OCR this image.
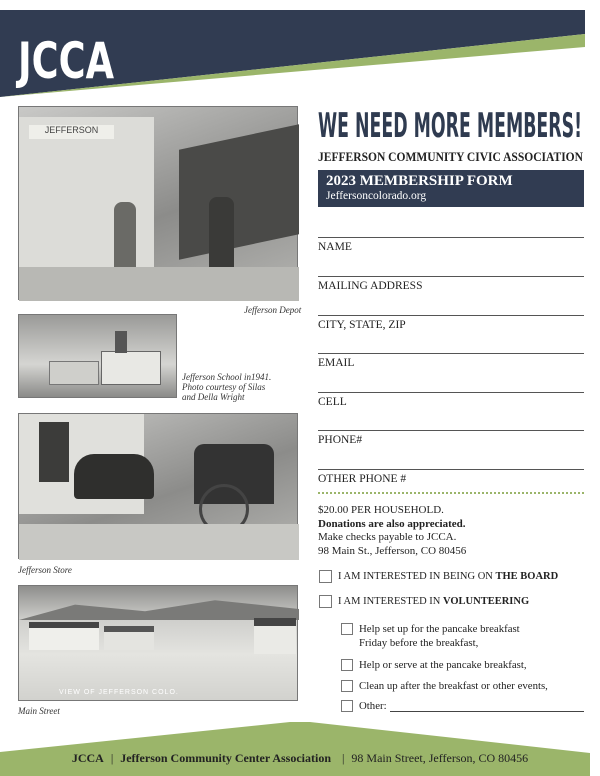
JCCA
JEFFERSON
Jefferson Depot
Jefferson School in1941.
Photo courtesy of Silas
and Della Wright
Jefferson Store
VIEW OF JEFFERSON COLO.
Main Street
WE NEED MORE MEMBERS!
JEFFERSON COMMUNITY CIVIC ASSOCIATION
2023 MEMBERSHIP FORM
Jeffersoncolorado.org
NAME
MAILING ADDRESS
CITY, STATE, ZIP
EMAIL
CELL
PHONE#
OTHER PHONE #
$20.00 PER HOUSEHOLD.
Donations are also appreciated.
Make checks payable to JCCA.
98 Main St., Jefferson, CO 80456
I AM INTERESTED IN BEING ON THE BOARD
I AM INTERESTED IN VOLUNTEERING
Help set up for the pancake breakfast
Friday before the breakfast,
Help or serve at the pancake breakfast,
Clean up after the breakfast or other events,
Other:
JCCA | Jefferson Community Center Association | 98 Main Street, Jefferson, CO 80456
